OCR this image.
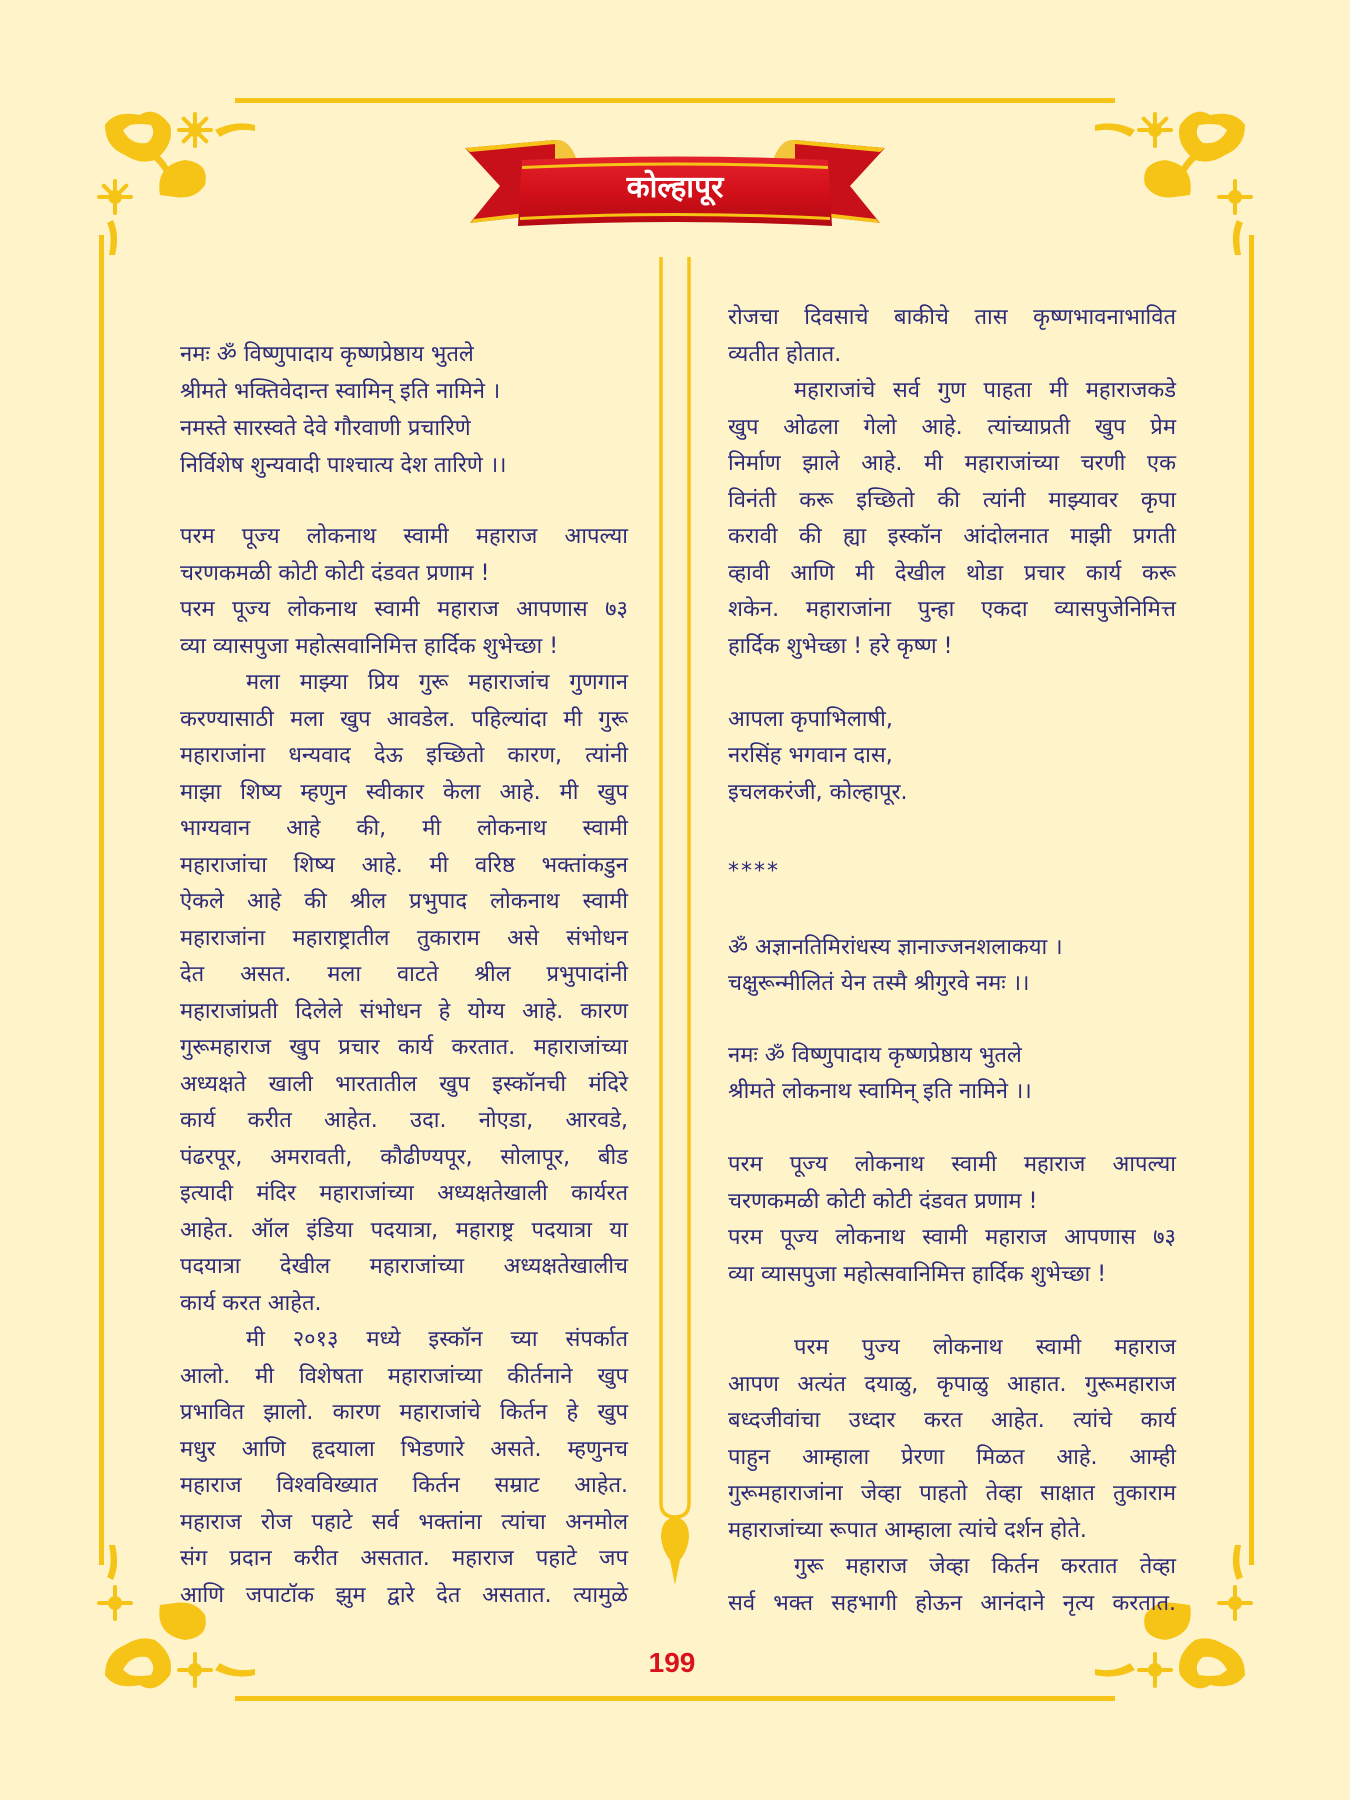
कोल्हापूर
नमः ॐ विष्णुपादाय कृष्णप्रेष्ठाय भुतले
श्रीमते भक्तिवेदान्त स्वामिन् इति नामिने ।
नमस्ते सारस्वते देवे गौरवाणी प्रचारिणे
निर्विशेष शुन्यवादी पाश्चात्य देश तारिणे ।।
परम पूज्य लोकनाथ स्वामी महाराज आपल्या
चरणकमळी कोटी कोटी दंडवत प्रणाम !
परम पूज्य लोकनाथ स्वामी महाराज आपणास ७३
व्या व्यासपुजा महोत्सवानिमित्त हार्दिक शुभेच्छा !
मला माझ्या प्रिय गुरू महाराजांच गुणगान
करण्यासाठी मला खुप आवडेल. पहिल्यांदा मी गुरू
महाराजांना धन्यवाद देऊ इच्छितो कारण, त्यांनी
माझा शिष्य म्हणुन स्वीकार केला आहे. मी खुप
भाग्यवान आहे की, मी लोकनाथ स्वामी
महाराजांचा शिष्य आहे. मी वरिष्ठ भक्तांकडुन
ऐकले आहे की श्रील प्रभुपाद लोकनाथ स्वामी
महाराजांना महाराष्ट्रातील तुकाराम असे संभोधन
देत असत. मला वाटते श्रील प्रभुपादांनी
महाराजांप्रती दिलेले संभोधन हे योग्य आहे. कारण
गुरूमहाराज खुप प्रचार कार्य करतात. महाराजांच्या
अध्यक्षते खाली भारतातील खुप इस्कॉनची मंदिरे
कार्य करीत आहेत. उदा. नोएडा, आरवडे,
पंढरपूर, अमरावती, कौढीण्यपूर, सोलापूर, बीड
इत्यादी मंदिर महाराजांच्या अध्यक्षतेखाली कार्यरत
आहेत. ऑल इंडिया पदयात्रा, महाराष्ट्र पदयात्रा या
पदयात्रा देखील महाराजांच्या अध्यक्षतेखालीच
कार्य करत आहेत.
मी २०१३ मध्ये इस्कॉन च्या संपर्कात
आलो. मी विशेषता महाराजांच्या कीर्तनाने खुप
प्रभावित झालो. कारण महाराजांचे किर्तन हे खुप
मधुर आणि हृदयाला भिडणारे असते. म्हणुनच
महाराज विश्वविख्यात किर्तन सम्राट आहेत.
महाराज रोज पहाटे सर्व भक्तांना त्यांचा अनमोल
संग प्रदान करीत असतात. महाराज पहाटे जप
आणि जपाटॉक झुम द्वारे देत असतात. त्यामुळे
रोजचा दिवसाचे बाकीचे तास कृष्णभावनाभावित
व्यतीत होतात.
महाराजांचे सर्व गुण पाहता मी महाराजकडे
खुप ओढला गेलो आहे. त्यांच्याप्रती खुप प्रेम
निर्माण झाले आहे. मी महाराजांच्या चरणी एक
विनंती करू इच्छितो की त्यांनी माझ्यावर कृपा
करावी की ह्या इस्कॉन आंदोलनात माझी प्रगती
व्हावी आणि मी देखील थोडा प्रचार कार्य करू
शकेन. महाराजांना पुन्हा एकदा व्यासपुजेनिमित्त
हार्दिक शुभेच्छा ! हरे कृष्ण !
आपला कृपाभिलाषी,
नरसिंह भगवान दास,
इचलकरंजी, कोल्हापूर.
****
ॐ अज्ञानतिमिरांधस्य ज्ञानाज्जनशलाकया ।
चक्षुरून्मीलितं येन तस्मै श्रीगुरवे नमः ।।
नमः ॐ विष्णुपादाय कृष्णप्रेष्ठाय भुतले
श्रीमते लोकनाथ स्वामिन् इति नामिने ।।
परम पूज्य लोकनाथ स्वामी महाराज आपल्या
चरणकमळी कोटी कोटी दंडवत प्रणाम !
परम पूज्य लोकनाथ स्वामी महाराज आपणास ७३
व्या व्यासपुजा महोत्सवानिमित्त हार्दिक शुभेच्छा !
परम पुज्य लोकनाथ स्वामी महाराज
आपण अत्यंत दयाळु, कृपाळु आहात. गुरूमहाराज
बध्दजीवांचा उध्दार करत आहेत. त्यांचे कार्य
पाहुन आम्हाला प्रेरणा मिळत आहे. आम्ही
गुरूमहाराजांना जेव्हा पाहतो तेव्हा साक्षात तुकाराम
महाराजांच्या रूपात आम्हाला त्यांचे दर्शन होते.
गुरू महाराज जेव्हा किर्तन करतात तेव्हा
सर्व भक्त सहभागी होऊन आनंदाने नृत्य करतात.
199
